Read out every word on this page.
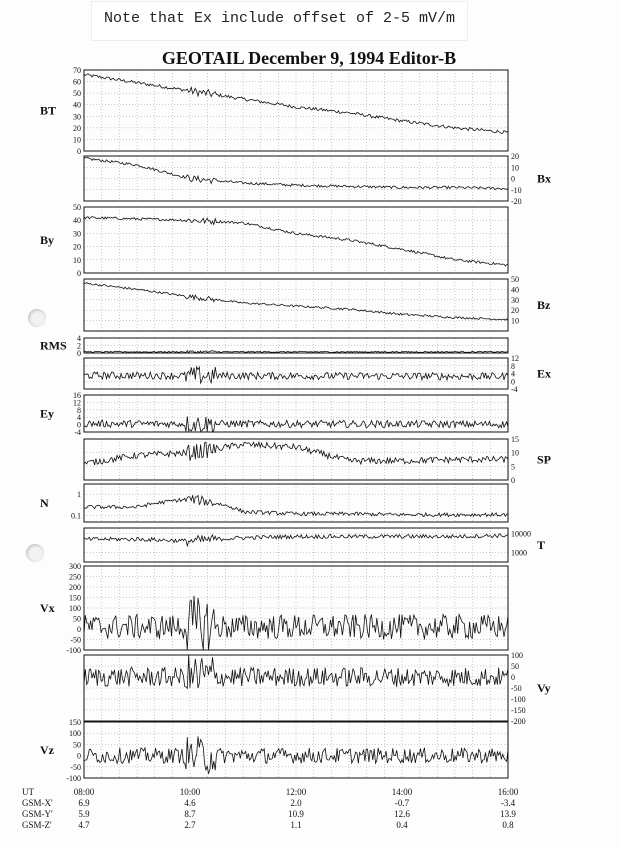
Note that Ex include offset of 2-5 mV/m
GEOTAIL December 9, 1994 Editor-B
0
10
20
30
40
50
60
70
BT
-20
-10
0
10
20
Bx
0
10
20
30
40
50
By
10
20
30
40
50
Bz
0
2
4
RMS
-4
0
4
8
12
Ex
-4
0
4
8
12
16
Ey
0
5
10
15
SP
0.1
1
N
1000
10000
T
-100
-50
0
50
100
150
200
250
300
Vx
-200
-150
-100
-50
0
50
100
Vy
-100
-50
0
50
100
150
Vz
UT	08:00	10:00	12:00	14:00	16:00
GSM-X'	6.9	4.6	2.0	-0.7	-3.4
GSM-Y'	5.9	8.7	10.9	12.6	13.9
GSM-Z'	4.7	2.7	1.1	0.4	0.8
